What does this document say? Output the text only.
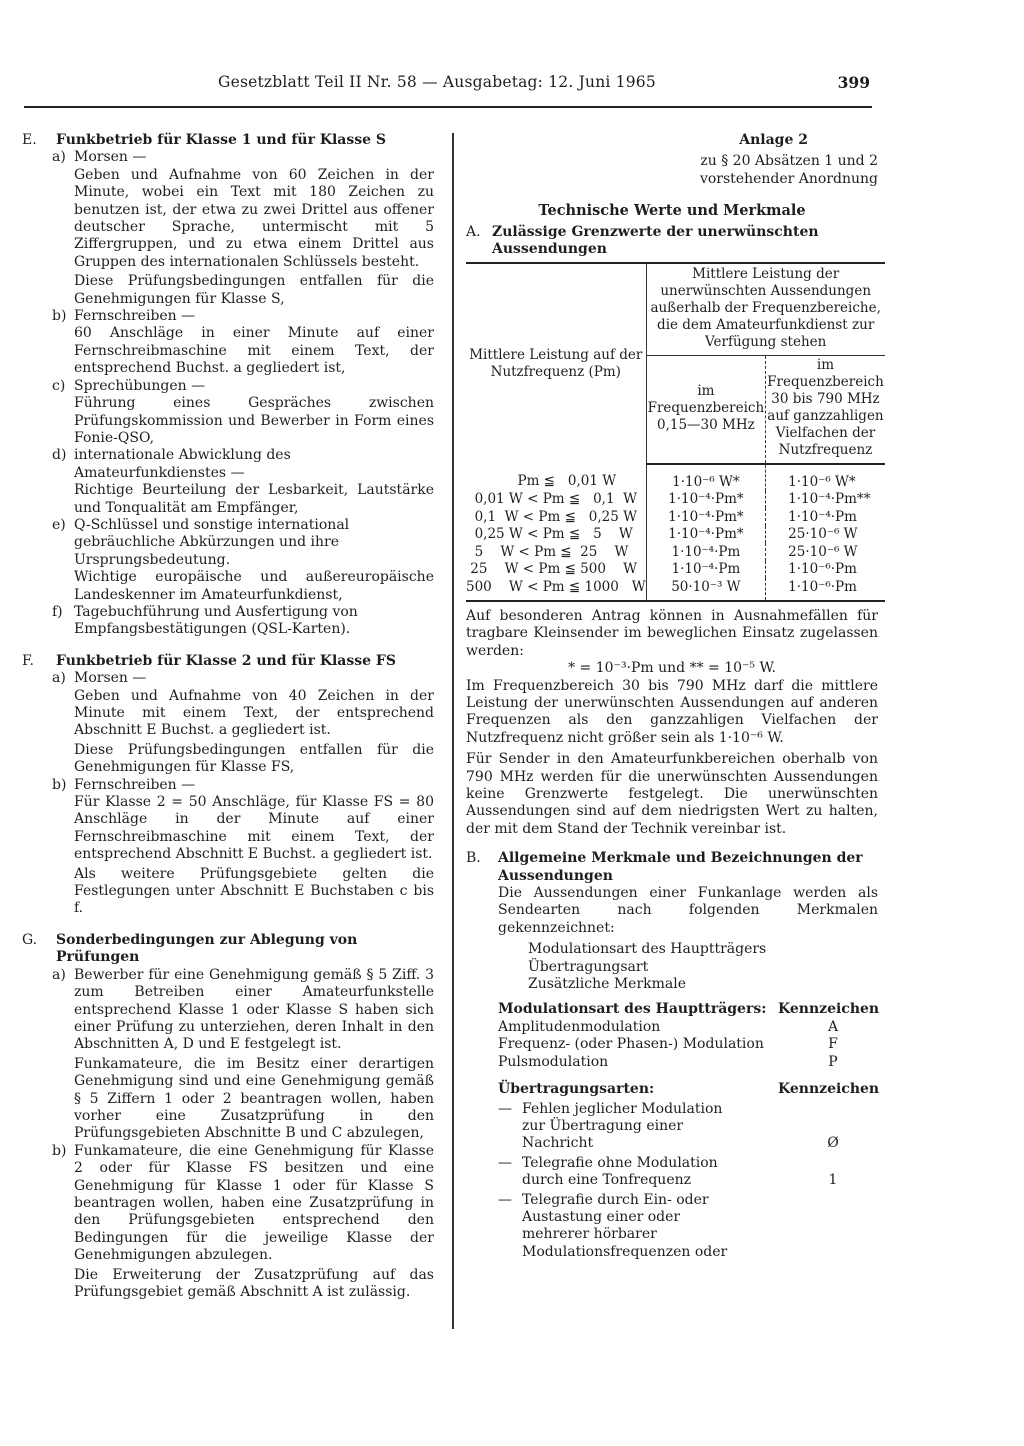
Gesetzblatt Teil II Nr. 58 — Ausgabetag: 12. Juni 1965	399
E.	Funkbetrieb für Klasse 1 und für Klasse S
a) Morsen —
Geben und Aufnahme von 60 Zeichen in der Minute, wobei ein Text mit 180 Zeichen zu benutzen ist, der etwa zu zwei Drittel aus offener deutscher Sprache, untermischt mit 5 Ziffergruppen, und zu etwa einem Drittel aus Gruppen des internationalen Schlüssels besteht.
Diese Prüfungsbedingungen entfallen für die Genehmigungen für Klasse S,
b) Fernschreiben —
60 Anschläge in einer Minute auf einer Fernschreibmaschine mit einem Text, der entsprechend Buchst. a gegliedert ist,
c) Sprechübungen —
Führung eines Gespräches zwischen Prüfungskommission und Bewerber in Form eines Fonie-QSO,
d) internationale Abwicklung des Amateurfunkdienstes —
Richtige Beurteilung der Lesbarkeit, Lautstärke und Tonqualität am Empfänger,
e) Q-Schlüssel und sonstige international gebräuchliche Abkürzungen und ihre Ursprungsbedeutung.
Wichtige europäische und außereuropäische Landeskenner im Amateurfunkdienst,
f) Tagebuchführung und Ausfertigung von Empfangsbestätigungen (QSL-Karten).
F.	Funkbetrieb für Klasse 2 und für Klasse FS
a) Morsen —
Geben und Aufnahme von 40 Zeichen in der Minute mit einem Text, der entsprechend Abschnitt E Buchst. a gegliedert ist.
Diese Prüfungsbedingungen entfallen für die Genehmigungen für Klasse FS,
b) Fernschreiben —
Für Klasse 2 = 50 Anschläge, für Klasse FS = 80 Anschläge in der Minute auf einer Fernschreibmaschine mit einem Text, der entsprechend Abschnitt E Buchst. a gegliedert ist.
Als weitere Prüfungsgebiete gelten die Festlegungen unter Abschnitt E Buchstaben c bis f.
G.	Sonderbedingungen zur Ablegung von Prüfungen
a) Bewerber für eine Genehmigung gemäß § 5 Ziff. 3 zum Betreiben einer Amateurfunkstelle entsprechend Klasse 1 oder Klasse S haben sich einer Prüfung zu unterziehen, deren Inhalt in den Abschnitten A, D und E festgelegt ist.
Funkamateure, die im Besitz einer derartigen Genehmigung sind und eine Genehmigung gemäß § 5 Ziffern 1 oder 2 beantragen wollen, haben vorher eine Zusatzprüfung in den Prüfungsgebieten Abschnitte B und C abzulegen,
b) Funkamateure, die eine Genehmigung für Klasse 2 oder für Klasse FS besitzen und eine Genehmigung für Klasse 1 oder für Klasse S beantragen wollen, haben eine Zusatzprüfung in den Prüfungsgebieten entsprechend den Bedingungen für die jeweilige Klasse der Genehmigungen abzulegen.
Die Erweiterung der Zusatzprüfung auf das Prüfungsgebiet gemäß Abschnitt A ist zulässig.
Anlage 2
zu § 20 Absätzen 1 und 2
vorstehender Anordnung
Technische Werte und Merkmale
A. Zulässige Grenzwerte der unerwünschten Aussendungen
Mittlere Leistung auf der Nutzfrequenz (Pm)	Mittlere Leistung der unerwünschten Aussendungen außerhalb der Frequenzbereiche, die dem Amateurfunkdienst zur Verfügung stehen	
	im Frequenzbereich 0,15—30 MHz	im Frequenzbereich 30 bis 790 MHz auf ganzzahligen Vielfachen der Nutzfrequenz
Pm ≦   0,01 W	1·10⁻⁶ W*	1·10⁻⁶ W*
0,01 W < Pm ≦   0,1  W	1·10⁻⁴·Pm*	1·10⁻⁴·Pm**
0,1  W < Pm ≦   0,25 W	1·10⁻⁴·Pm*	1·10⁻⁴·Pm
0,25 W < Pm ≦   5    W	1·10⁻⁴·Pm*	25·10⁻⁶ W
5    W < Pm ≦  25    W	1·10⁻⁴·Pm	25·10⁻⁶ W
25    W < Pm ≦ 500    W	1·10⁻⁴·Pm	1·10⁻⁶·Pm
500    W < Pm ≦ 1000   W	50·10⁻³ W	1·10⁻⁶·Pm
Auf besonderen Antrag können in Ausnahmefällen für tragbare Kleinsender im beweglichen Einsatz zugelassen werden:
* = 10⁻³·Pm und ** = 10⁻⁵ W.
Im Frequenzbereich 30 bis 790 MHz darf die mittlere Leistung der unerwünschten Aussendungen auf anderen Frequenzen als den ganzzahligen Vielfachen der Nutzfrequenz nicht größer sein als 1·10⁻⁶ W.
Für Sender in den Amateurfunkbereichen oberhalb von 790 MHz werden für die unerwünschten Aussendungen keine Grenzwerte festgelegt. Die unerwünschten Aussendungen sind auf dem niedrigsten Wert zu halten, der mit dem Stand der Technik vereinbar ist.
B.	Allgemeine Merkmale und Bezeichnungen der Aussendungen
Die Aussendungen einer Funkanlage werden als Sendearten nach folgenden Merkmalen gekennzeichnet:
Modulationsart des Hauptträgers
Übertragungsart
Zusätzliche Merkmale
Modulationsart des Hauptträgers: Kennzeichen
Amplitudenmodulation	A
Frequenz- (oder Phasen-) Modulation	F
Pulsmodulation	P
Übertragungsarten:	Kennzeichen
— Fehlen jeglicher Modulation zur Übertragung einer Nachricht	Ø
— Telegrafie ohne Modulation durch eine Tonfrequenz	1
— Telegrafie durch Ein- oder Austastung einer oder mehrerer hörbarer Modulationsfrequenzen oder
